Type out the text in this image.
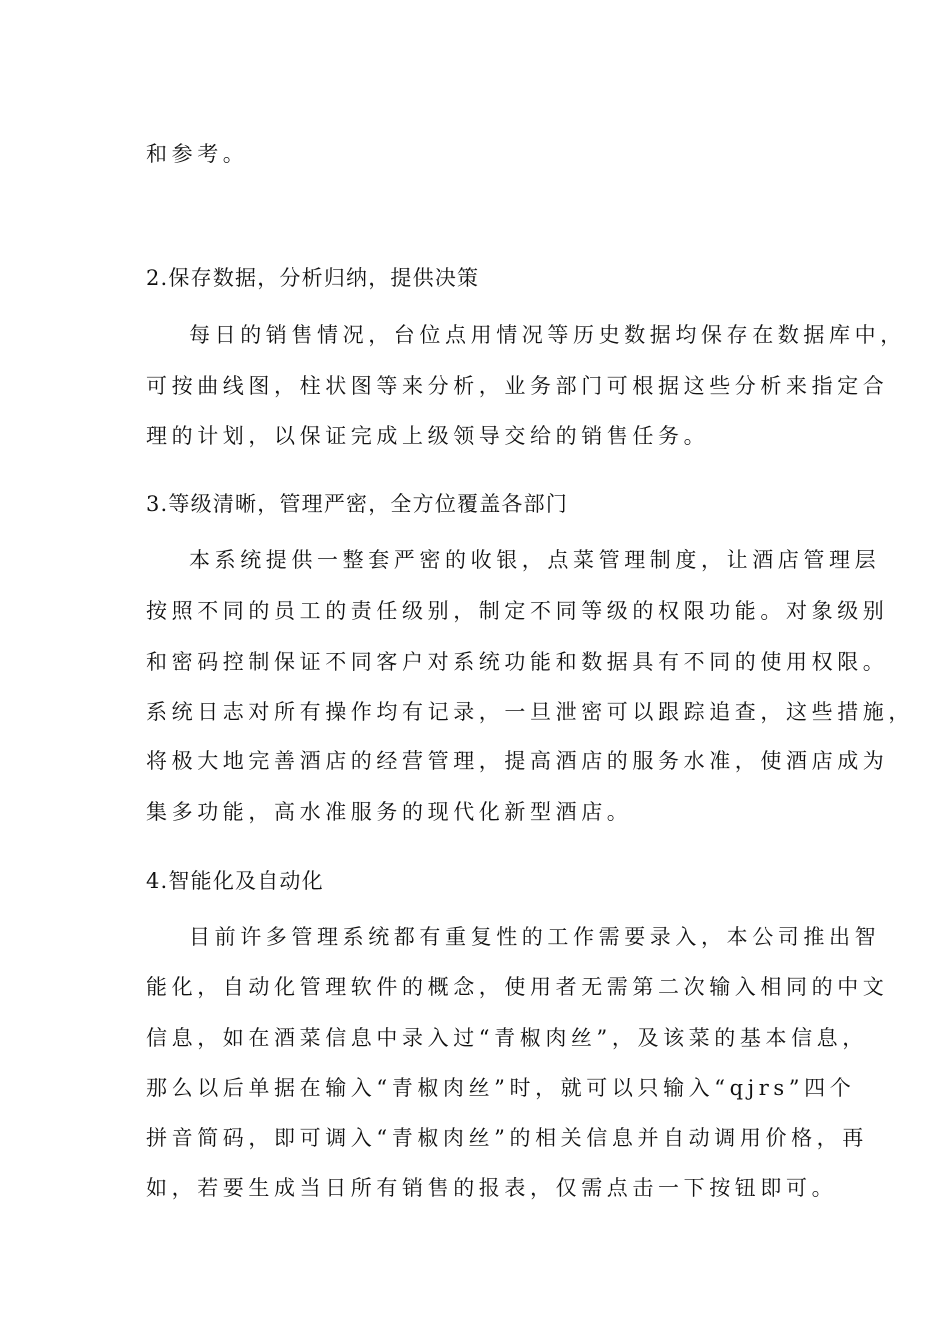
和参考。
2.保存数据，分析归纳，提供决策
每日的销售情况，台位点用情况等历史数据均保存在数据库中，
可按曲线图，柱状图等来分析，业务部门可根据这些分析来指定合
理的计划，以保证完成上级领导交给的销售任务。
3.等级清晰，管理严密，全方位覆盖各部门
本系统提供一整套严密的收银，点菜管理制度，让酒店管理层
按照不同的员工的责任级别，制定不同等级的权限功能。对象级别
和密码控制保证不同客户对系统功能和数据具有不同的使用权限。
系统日志对所有操作均有记录，一旦泄密可以跟踪追查，这些措施，
将极大地完善酒店的经营管理，提高酒店的服务水准，使酒店成为
集多功能，高水准服务的现代化新型酒店。
4.智能化及自动化
目前许多管理系统都有重复性的工作需要录入，本公司推出智
能化，自动化管理软件的概念，使用者无需第二次输入相同的中文
信息，如在酒菜信息中录入过“青椒肉丝”，及该菜的基本信息，
那么以后单据在输入“青椒肉丝”时，就可以只输入“qjrs”四个
拼音简码，即可调入“青椒肉丝”的相关信息并自动调用价格，再
如，若要生成当日所有销售的报表，仅需点击一下按钮即可。
